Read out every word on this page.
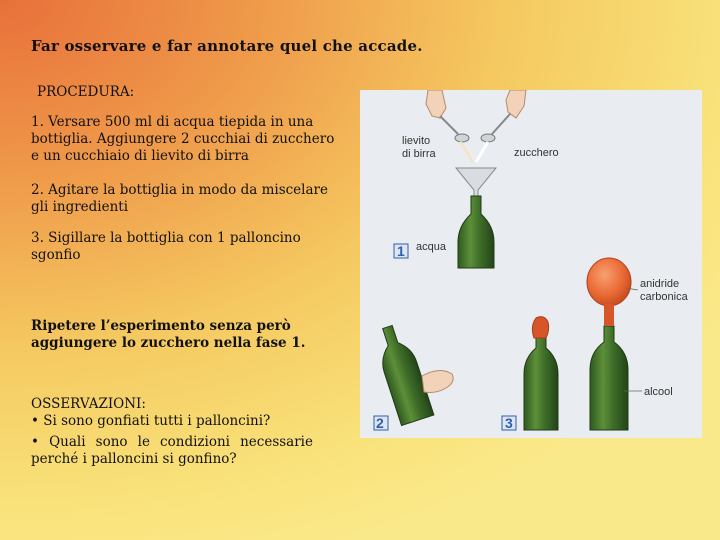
Far osservare e far annotare quel che accade.
PROCEDURA:
1. Versare 500 ml di acqua tiepida in una bottiglia. Aggiungere 2 cucchiai di zucchero e un cucchiaio di lievito di birra
2. Agitare la bottiglia in modo da miscelare gli ingredienti
3. Sigillare la bottiglia con 1 palloncino sgonfio
Ripetere l’esperimento senza però aggiungere lo zucchero nella fase 1.
OSSERVAZIONI:
• Si sono gonfiati tutti i palloncini?
• Quali sono le condizioni necessarie
perché i palloncini si gonfino?
lievito
di birra	zucchero
acqua
1
2
anidride
carbonica
alcool
3
